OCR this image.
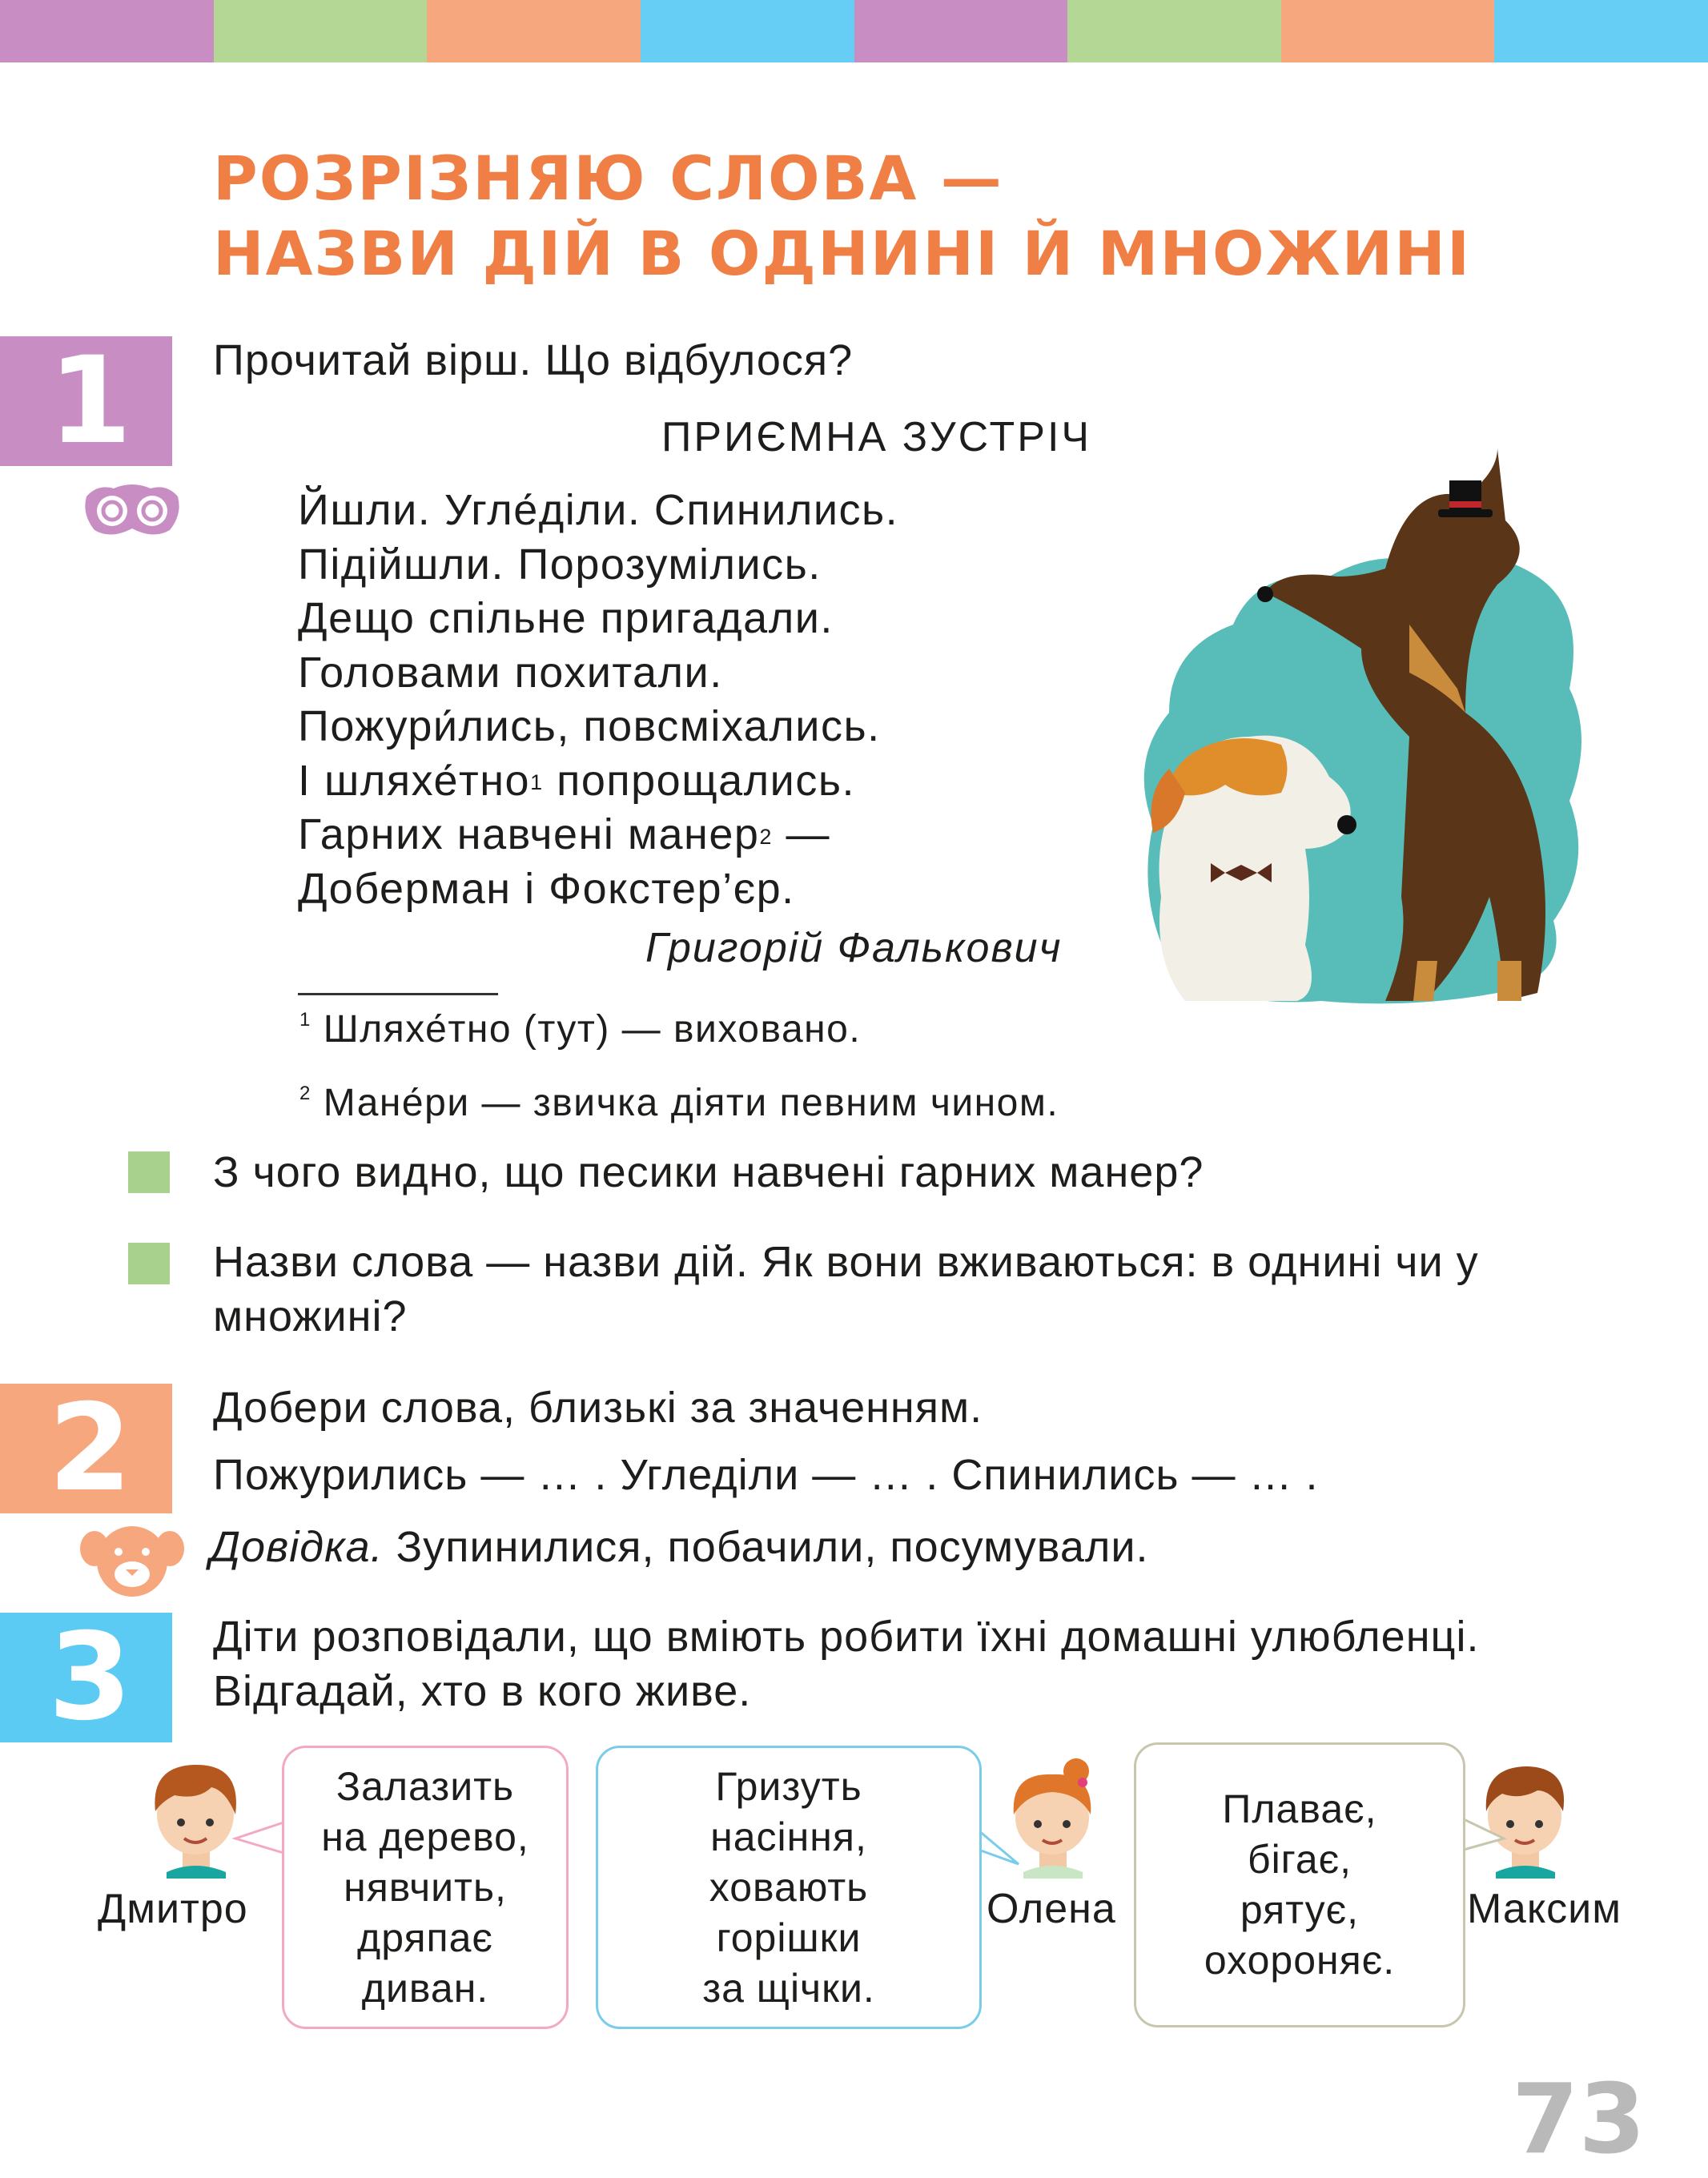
РОЗРІЗНЯЮ СЛОВА —
НАЗВИ ДІЙ В ОДНИНІ Й МНОЖИНІ
1	Прочитай вірш. Що відбулося?
ПРИЄМНА ЗУСТРІЧ
Йшли. Угле́діли. Спинились.
Підійшли. Порозумілись.
Дещо спільне пригадали.
Головами похитали.
Пожури́лись, повсміхались.
І шляхе́тно$^1$ попрощались.
Гарних навчені манер$^2$ —
Доберман і Фокстер’єр.
Григорій Фалькович
$^1$ Шляхе́тно (тут) — виховано.
$^2$ Мане́ри — звичка діяти певним чином.
З чого видно, що песики навчені гарних манер?
Назви слова — назви дій. Як вони вживаються: в однині чи у множині?
2	Добери слова, близькі за значенням.
Пожурились — … . Угледіли — … . Спинились — … .
Довідка. Зупинилися, побачили, посумували.
3	Діти розповідали, що вміють робити їхні домашні улюбленці. Відгадай, хто в кого живе.
Дмитро	Олена	Максим
Залазить
на дерево,
нявчить,
дряпає
диван.
Гризуть
насіння,
ховають
горішки
за щічки.
Плаває,
бігає,
рятує,
охороняє.
73
